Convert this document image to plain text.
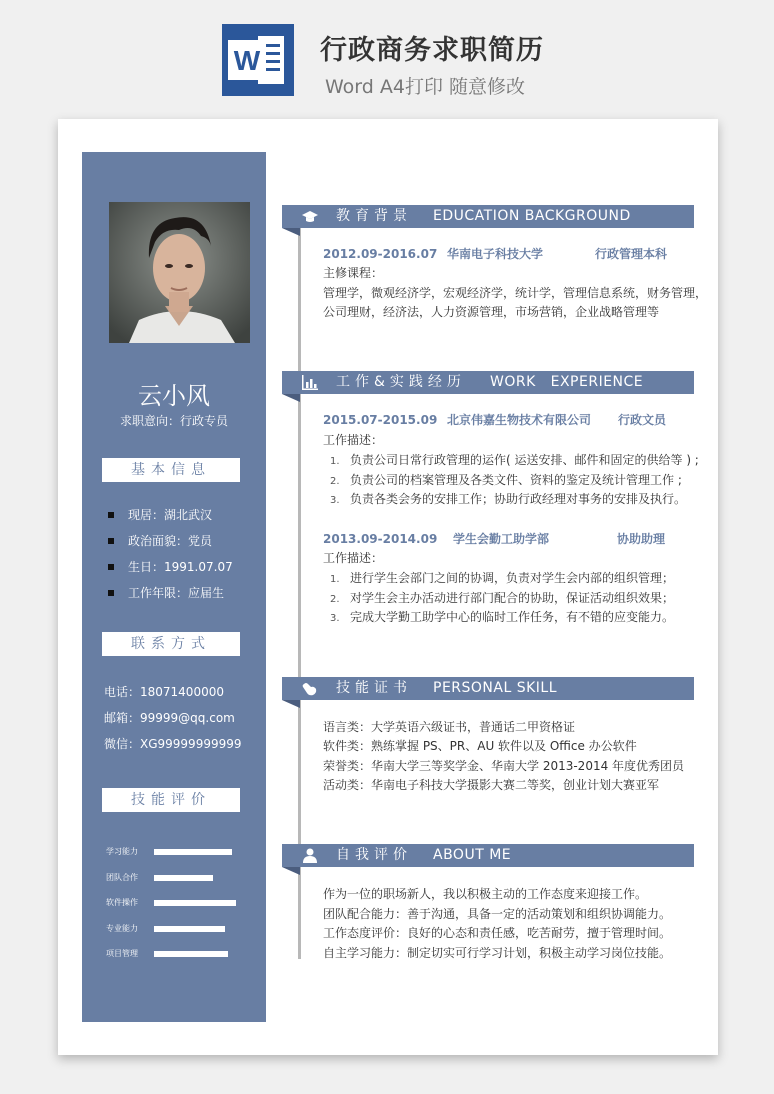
W 行政商务求职简历
Word A4打印 随意修改
云小风
求职意向：行政专员
基本信息
现居：湖北武汉
政治面貌：党员
生日：1991.07.07
工作年限：应届生
联系方式
电话：18071400000
邮箱：99999@qq.com
微信：XG99999999999
技能评价
学习能力
团队合作
软件操作
专业能力
项目管理
教育背景 EDUCATION BACKGROUND
2012.09-2016.07 华南电子科技大学	行政管理本科
主修课程：
管理学，微观经济学，宏观经济学，统计学，管理信息系统，财务管理，
公司理财，经济法，人力资源管理，市场营销，企业战略管理等
工作&实践经历 WORK   EXPERIENCE
2015.07-2015.09 北京伟嘉生物技术有限公司 行政文员
工作描述：
1. 负责公司日常行政管理的运作( 运送安排、邮件和固定的供给等 ) ;
2. 负责公司的档案管理及各类文件、资料的鉴定及统计管理工作 ;
3. 负责各类会务的安排工作；协助行政经理对事务的安排及执行。
2013.09-2014.09 学生会勤工助学部	协助助理
工作描述：
1. 进行学生会部门之间的协调，负责对学生会内部的组织管理；
2. 对学生会主办活动进行部门配合的协助，保证活动组织效果；
3. 完成大学勤工助学中心的临时工作任务，有不错的应变能力。
技能证书 PERSONAL SKILL
语言类：大学英语六级证书，普通话二甲资格证
软件类：熟练掌握 PS、PR、AU 软件以及 Office 办公软件
荣誉类：华南大学三等奖学金、华南大学 2013-2014 年度优秀团员
活动类：华南电子科技大学摄影大赛二等奖，创业计划大赛亚军
自我评价 ABOUT ME
作为一位的职场新人，我以积极主动的工作态度来迎接工作。
团队配合能力：善于沟通，具备一定的活动策划和组织协调能力。
工作态度评价：良好的心态和责任感，吃苦耐劳，擅于管理时间。
自主学习能力：制定切实可行学习计划，积极主动学习岗位技能。
